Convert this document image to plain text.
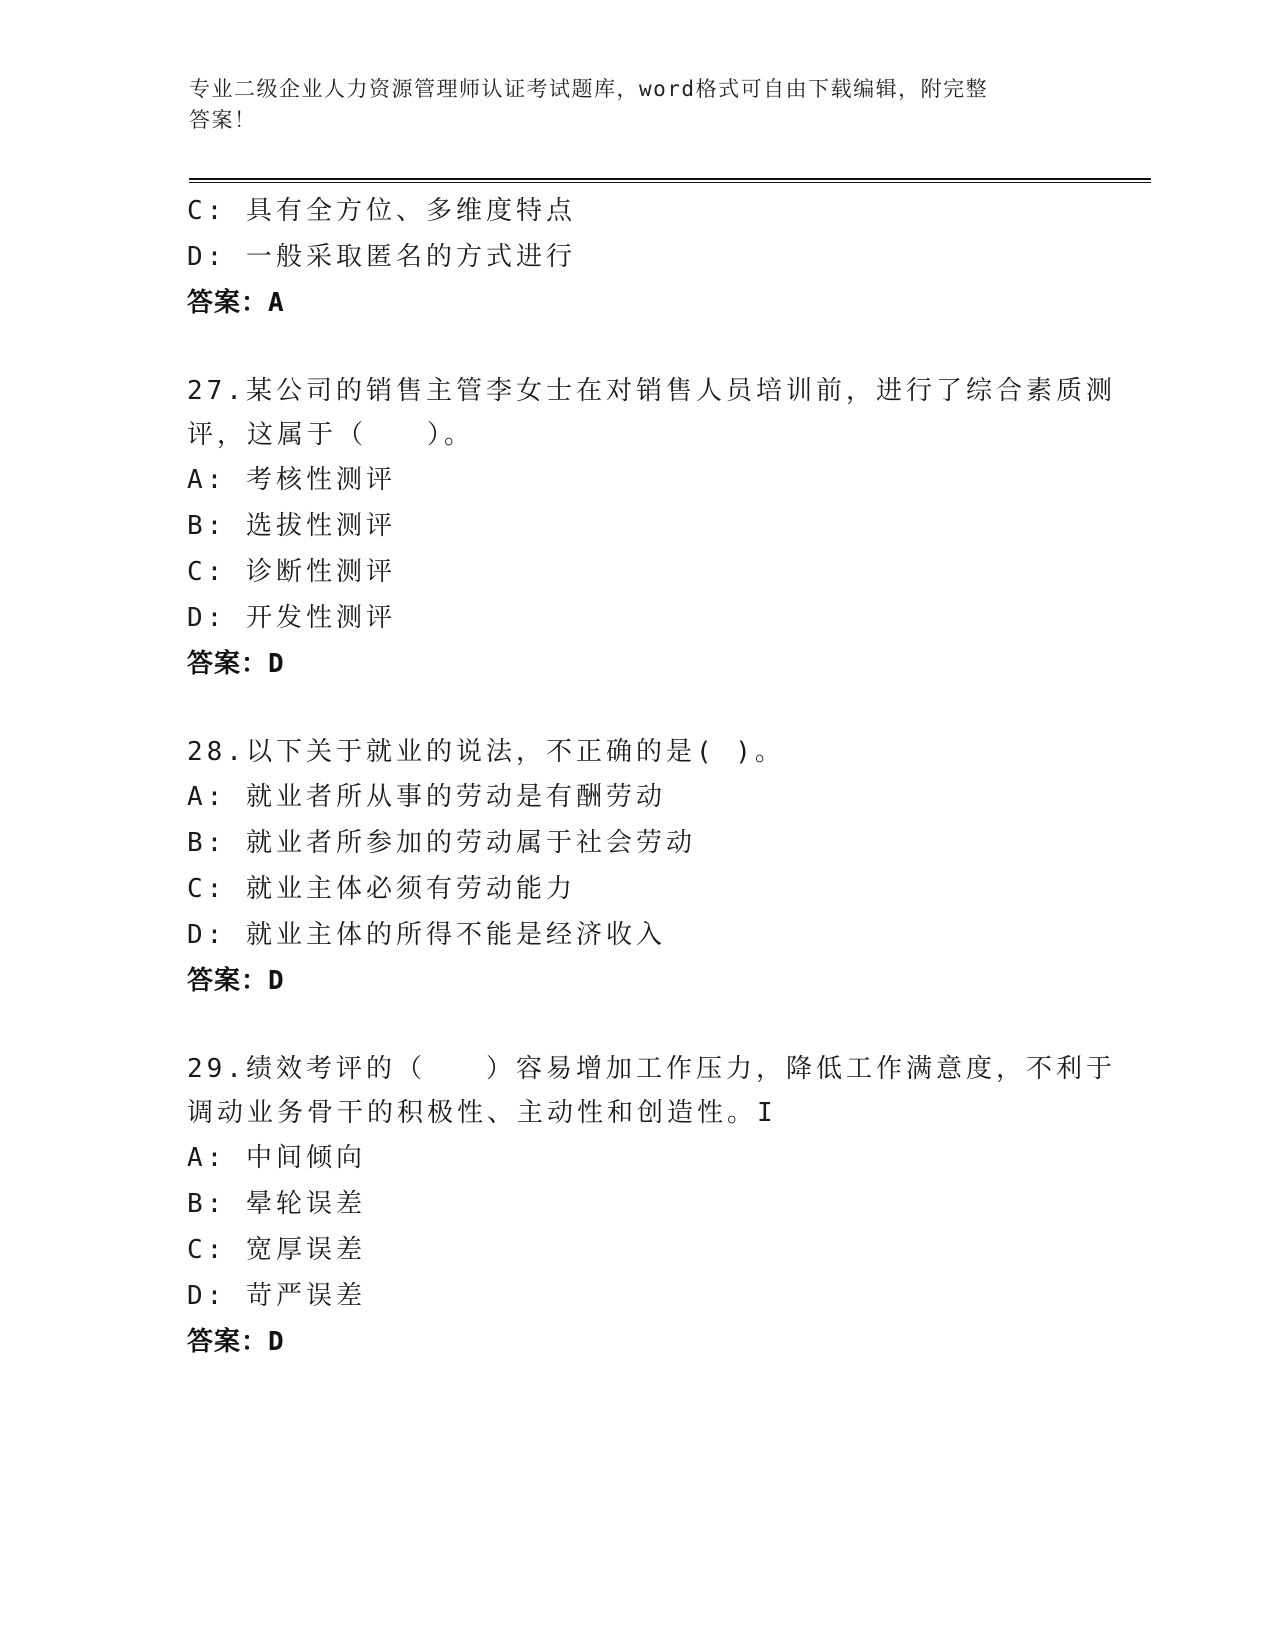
专业二级企业人力资源管理师认证考试题库，word格式可自由下载编辑，附完整
答案！
C: 具有全方位、多维度特点
D: 一般采取匿名的方式进行
答案：A
27.某公司的销售主管李女士在对销售人员培训前，进行了综合素质测
评，这属于（　　）。
A: 考核性测评
B: 选拔性测评
C: 诊断性测评
D: 开发性测评
答案：D
28.以下关于就业的说法，不正确的是( )。
A: 就业者所从事的劳动是有酬劳动
B: 就业者所参加的劳动属于社会劳动
C: 就业主体必须有劳动能力
D: 就业主体的所得不能是经济收入
答案：D
29.绩效考评的（　　）容易增加工作压力，降低工作满意度，不利于
调动业务骨干的积极性、主动性和创造性。I
A: 中间倾向
B: 晕轮误差
C: 宽厚误差
D: 苛严误差
答案：D
